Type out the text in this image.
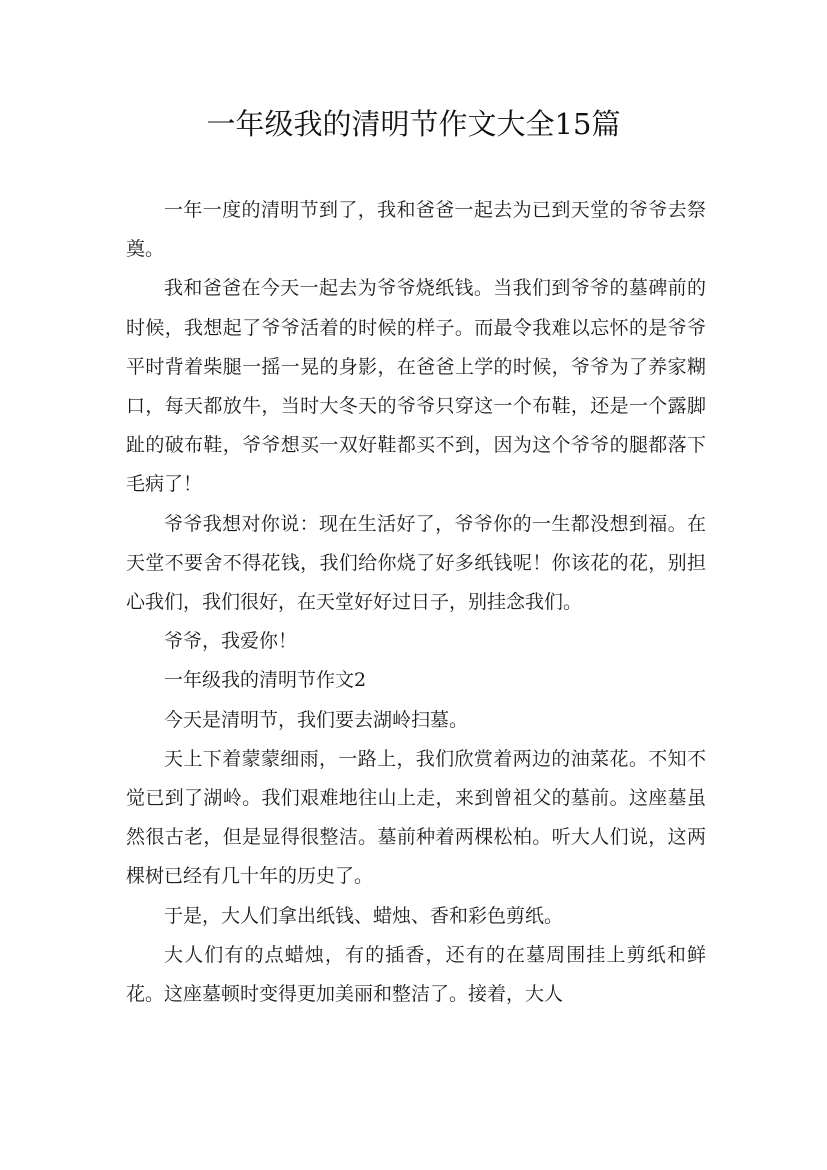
一年级我的清明节作文大全15篇

一年一度的清明节到了，我和爸爸一起去为已到天堂的爷爷去祭奠。

我和爸爸在今天一起去为爷爷烧纸钱。当我们到爷爷的墓碑前的时候，我想起了爷爷活着的时候的样子。而最令我难以忘怀的是爷爷平时背着柴腿一摇一晃的身影，在爸爸上学的时候，爷爷为了养家糊口，每天都放牛，当时大冬天的爷爷只穿这一个布鞋，还是一个露脚趾的破布鞋，爷爷想买一双好鞋都买不到，因为这个爷爷的腿都落下毛病了！

爷爷我想对你说：现在生活好了，爷爷你的一生都没想到福。在天堂不要舍不得花钱，我们给你烧了好多纸钱呢！你该花的花，别担心我们，我们很好，在天堂好好过日子，别挂念我们。

爷爷，我爱你！

一年级我的清明节作文2

今天是清明节，我们要去湖岭扫墓。

天上下着蒙蒙细雨，一路上，我们欣赏着两边的油菜花。不知不觉已到了湖岭。我们艰难地往山上走，来到曾祖父的墓前。这座墓虽然很古老，但是显得很整洁。墓前种着两棵松柏。听大人们说，这两棵树已经有几十年的历史了。

于是，大人们拿出纸钱、蜡烛、香和彩色剪纸。

大人们有的点蜡烛，有的插香，还有的在墓周围挂上剪纸和鲜花。这座墓顿时变得更加美丽和整洁了。接着，大人
